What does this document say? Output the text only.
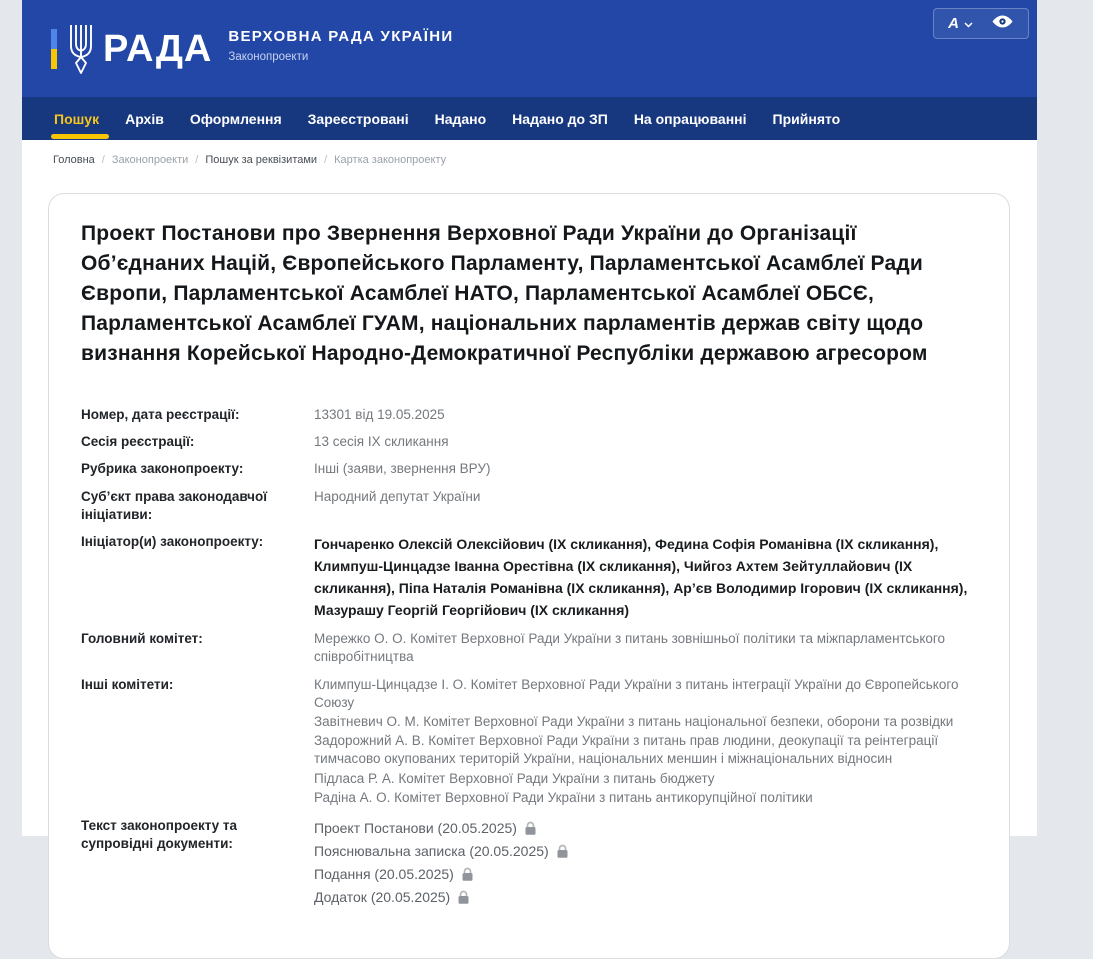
РАДА ВЕРХОВНА РАДА УКРАЇНИ
Законопроекти
A
Пошук Архів Оформлення Зареєстровані Надано Надано до ЗП На опрацюванні Прийнято
Головна / Законопроекти / Пошук за реквізитами / Картка законопроекту
Проект Постанови про Звернення Верховної Ради України до Організації Об’єднаних Націй, Європейського Парламенту, Парламентської Асамблеї Ради Європи, Парламентської Асамблеї НАТО, Парламентської Асамблеї ОБСЄ, Парламентської Асамблеї ГУАМ, національних парламентів держав світу щодо визнання Корейської Народно-Демократичної Республіки державою агресором
Номер, дата реєстрації:	13301 від 19.05.2025
Сесія реєстрації:	13 сесія IX скликання
Рубрика законопроекту:	Інші (заяви, звернення ВРУ)
Суб’єкт права законодавчої ініціативи:
Народний депутат України
Ініціатор(и) законопроекту:	Гончаренко Олексій Олексійович (IX скликання), Федина Софія Романівна (IX скликання), Климпуш-Цинцадзе Іванна Орестівна (IX скликання), Чийгоз Ахтем Зейтуллайович (IX скликання), Піпа Наталія Романівна (IX скликання), Ар’єв Володимир Ігорович (IX скликання), Мазурашу Георгій Георгійович (IX скликання)
Головний комітет:	Мережко О. О. Комітет Верховної Ради України з питань зовнішньої політики та міжпарламентського співробітництва
Інші комітети:	Климпуш-Цинцадзе І. О. Комітет Верховної Ради України з питань інтеграції України до Європейського Союзу
Завітневич О. М. Комітет Верховної Ради України з питань національної безпеки, оборони та розвідки
Задорожний А. В. Комітет Верховної Ради України з питань прав людини, деокупації та реінтеграції тимчасово окупованих територій України, національних меншин і міжнаціональних відносин
Підласа Р. А. Комітет Верховної Ради України з питань бюджету
Радіна А. О. Комітет Верховної Ради України з питань антикорупційної політики
Текст законопроекту та супровідні документи:
Проект Постанови (20.05.2025)
Пояснювальна записка (20.05.2025)
Подання (20.05.2025)
Додаток (20.05.2025)
